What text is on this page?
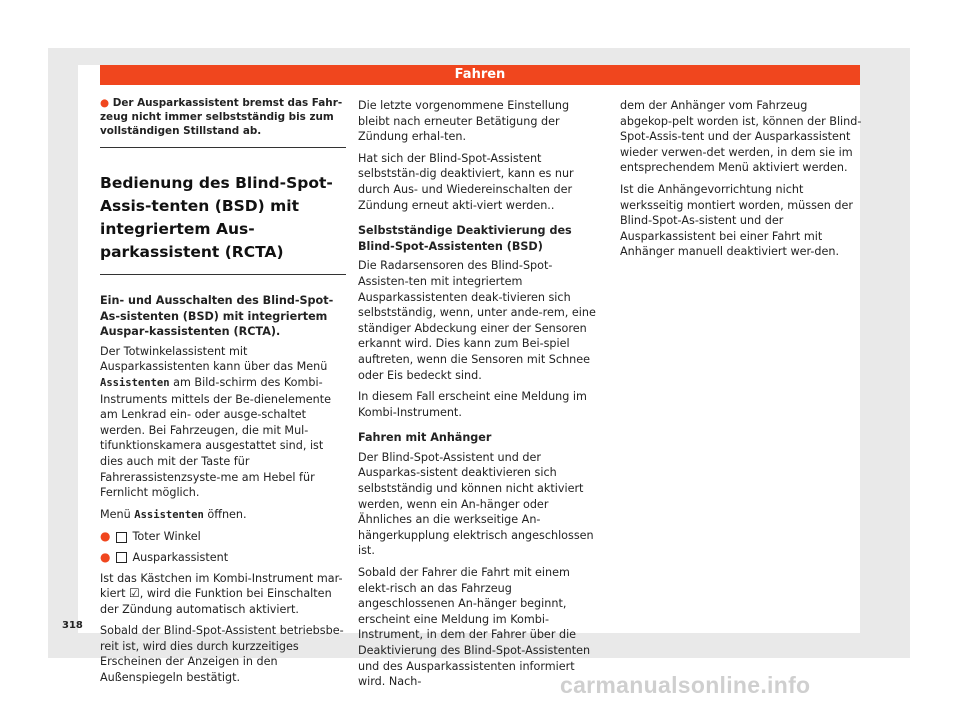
Fahren
● Der Ausparkassistent bremst das Fahr-zeug nicht immer selbstständig bis zum vollständigen Stillstand ab.
Bedienung des Blind-Spot-Assis-tenten (BSD) mit integriertem Aus-parkassistent (RCTA)

Ein- und Ausschalten des Blind-Spot-As-sistenten (BSD) mit integriertem Auspar-kassistenten (RCTA).

Der Totwinkelassistent mit Ausparkassistenten kann über das Menü Assistenten am Bild-schirm des Kombi-Instruments mittels der Be-dienelemente am Lenkrad ein- oder ausge-schaltet werden. Bei Fahrzeugen, die mit Mul-tifunktionskamera ausgestattet sind, ist dies auch mit der Taste für Fahrerassistenzsyste-me am Hebel für Fernlicht möglich.

Menü Assistenten öffnen.

● Toter Winkel
● Ausparkassistent

Ist das Kästchen im Kombi-Instrument mar-kiert ☑, wird die Funktion bei Einschalten der Zündung automatisch aktiviert.

Sobald der Blind-Spot-Assistent betriebsbe-reit ist, wird dies durch kurzzeitiges Erscheinen der Anzeigen in den Außenspiegeln bestätigt.

Die letzte vorgenommene Einstellung bleibt nach erneuter Betätigung der Zündung erhal-ten.

Hat sich der Blind-Spot-Assistent selbststän-dig deaktiviert, kann es nur durch Aus- und Wiedereinschalten der Zündung erneut akti-viert werden..

Selbstständige Deaktivierung des Blind-Spot-Assistenten (BSD)

Die Radarsensoren des Blind-Spot-Assisten-ten mit integriertem Ausparkassistenten deak-tivieren sich selbstständig, wenn, unter ande-rem, eine ständiger Abdeckung einer der Sensoren erkannt wird. Dies kann zum Bei-spiel auftreten, wenn die Sensoren mit Schnee oder Eis bedeckt sind.

In diesem Fall erscheint eine Meldung im Kombi-Instrument.

Fahren mit Anhänger

Der Blind-Spot-Assistent und der Ausparkas-sistent deaktivieren sich selbstständig und können nicht aktiviert werden, wenn ein An-hänger oder Ähnliches an die werkseitige An-hängerkupplung elektrisch angeschlossen ist.

Sobald der Fahrer die Fahrt mit einem elekt-risch an das Fahrzeug angeschlossenen An-hänger beginnt, erscheint eine Meldung im Kombi-Instrument, in dem der Fahrer über die Deaktivierung des Blind-Spot-Assistenten und des Ausparkassistenten informiert wird. Nach-

dem der Anhänger vom Fahrzeug abgekop-pelt worden ist, können der Blind-Spot-Assis-tent und der Ausparkassistent wieder verwen-det werden, in dem sie im entsprechendem Menü aktiviert werden.

Ist die Anhängevorrichtung nicht werksseitig montiert worden, müssen der Blind-Spot-As-sistent und der Ausparkassistent bei einer Fahrt mit Anhänger manuell deaktiviert wer-den.

318
carmanualsonline.info
